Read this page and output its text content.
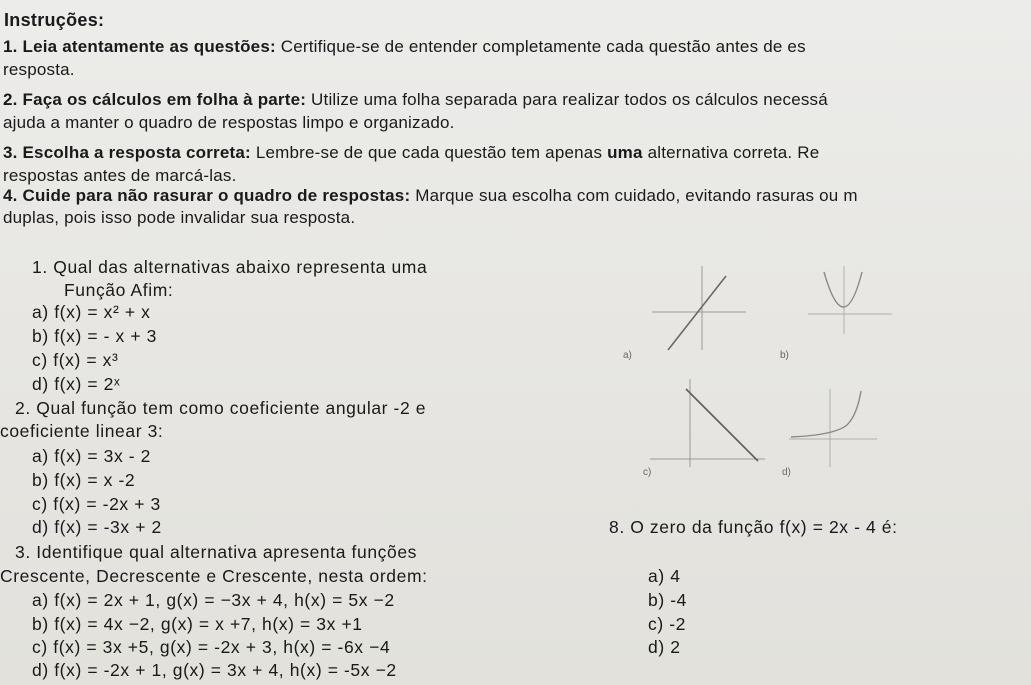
Instruções:
1. Leia atentamente as questões: Certifique-se de entender completamente cada questão antes de es
resposta.
2. Faça os cálculos em folha à parte: Utilize uma folha separada para realizar todos os cálculos necessá
ajuda a manter o quadro de respostas limpo e organizado.
3. Escolha a resposta correta: Lembre-se de que cada questão tem apenas uma alternativa correta. Re
respostas antes de marcá-las.
4. Cuide para não rasurar o quadro de respostas: Marque sua escolha com cuidado, evitando rasuras ou m
duplas, pois isso pode invalidar sua resposta.
1. Qual das alternativas abaixo representa uma
Função Afim:
a) f(x) = x² + x
b) f(x) = - x + 3
c) f(x) = x³
d) f(x) = 2ˣ
2. Qual função tem como coeficiente angular -2 e
coeficiente linear 3:
a) f(x) = 3x - 2
b) f(x) = x -2
c) f(x) = -2x + 3
d) f(x) = -3x + 2
3. Identifique qual alternativa apresenta funções
Crescente, Decrescente e Crescente, nesta ordem:
a) f(x) = 2x + 1, g(x) = −3x + 4, h(x) = 5x −2
b) f(x) = 4x −2, g(x) = x +7, h(x) = 3x +1
c) f(x) = 3x +5, g(x) = -2x + 3, h(x) = -6x −4
d) f(x) = -2x + 1, g(x) = 3x + 4, h(x) = -5x −2
8. O zero da função f(x) = 2x - 4 é:
a) 4
b) -4
c) -2
d) 2
a)	b)
c)	d)
